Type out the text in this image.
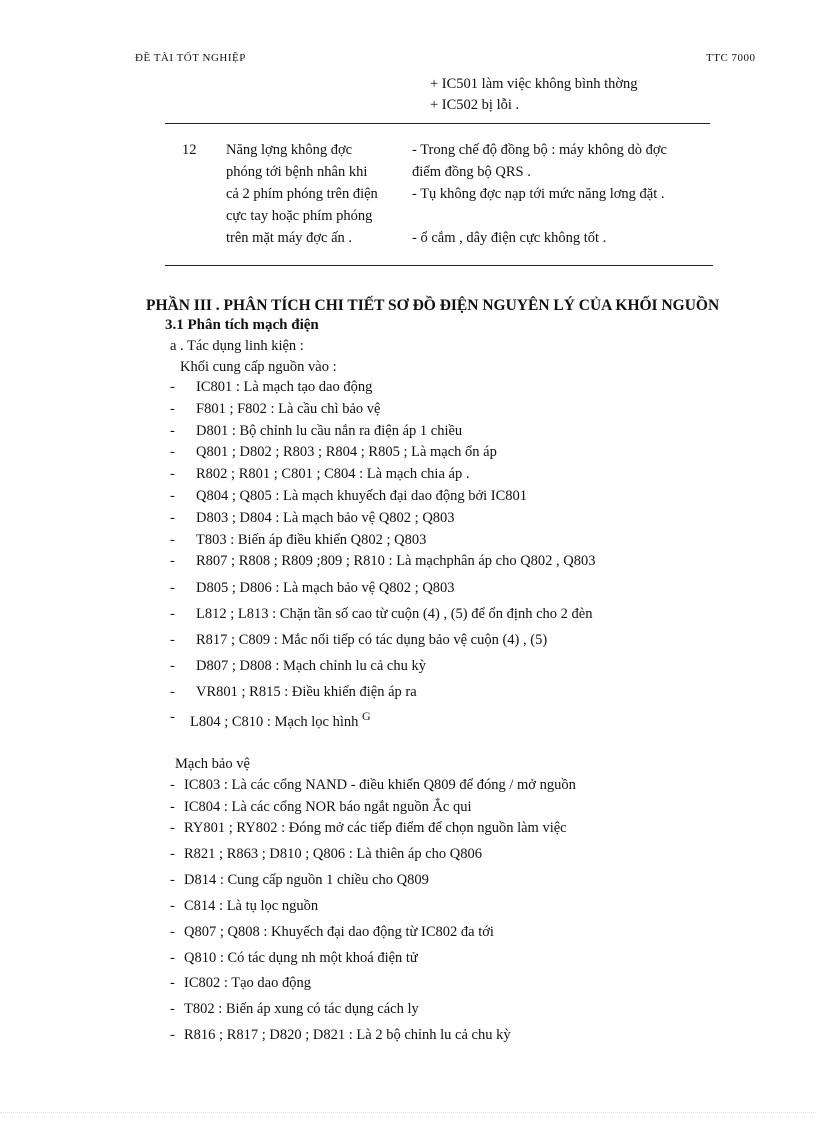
ĐỀ TÀI TỐT NGHIỆP	TTC 7000
+ IC501 làm việc không bình thờng
+ IC502 bị lỗi .
12 Năng lợng không đợc
phóng tới bệnh nhân khi
cả 2 phím phóng trên điện
cực tay hoặc phím phóng
trên mặt máy đợc ấn .
- Trong chế độ đồng bộ : máy không dò đợc
điểm đồng bộ QRS .
- Tụ không đợc nạp tới mức năng lơng đặt .
- ổ cắm , dây điện cực không tốt .
PHẦN III . PHÂN TÍCH CHI TIẾT SƠ ĐỒ ĐIỆN NGUYÊN LÝ CỦA KHỐI NGUỒN
3.1 Phân tích mạch điện
a . Tác dụng linh kiện :
Khối cung cấp nguồn vào :
- IC801 : Là mạch tạo dao động
- F801 ; F802 : Là cầu chì bảo vệ
- D801 : Bộ chỉnh lu cầu nắn ra điện áp 1 chiều
- Q801 ; D802 ; R803 ; R804 ; R805 ; Là mạch ổn áp
- R802 ; R801 ; C801 ; C804 : Là mạch chia áp .
- Q804 ; Q805 : Là mạch khuyếch đại dao động bởi IC801
- D803 ; D804 : Là mạch bảo vệ Q802 ; Q803
- T803 : Biến áp điều khiển Q802 ; Q803
- R807 ; R808 ; R809 ;809 ; R810 : Là mạchphân áp cho Q802 , Q803
- D805 ; D806 : Là mạch bảo vệ Q802 ; Q803
- L812 ; L813 : Chặn tần số cao từ cuộn (4) , (5) để ổn định cho 2 đèn
- R817 ; C809 : Mắc nối tiếp có tác dụng bảo vệ cuộn (4) , (5)
- D807 ; D808 : Mạch chỉnh lu cả chu kỳ
- VR801 ; R815 : Điều khiển điện áp ra
- L804 ; C810 : Mạch lọc hình $^G$
Mạch bảo vệ
- IC803 : Là các cổng NAND - điều khiển Q809 để đóng / mở nguồn
- IC804 : Là các cổng NOR báo ngắt nguồn Ắc qui
- RY801 ; RY802 : Đóng mở các tiếp điểm để chọn nguồn làm việc
- R821 ; R863 ; D810 ; Q806 : Là thiên áp cho Q806
- D814 : Cung cấp nguồn 1 chiều cho Q809
- C814 : Là tụ lọc nguồn
- Q807 ; Q808 : Khuyếch đại dao động từ IC802 đa tới
- Q810 : Có tác dụng nh một khoá điện tử
- IC802 : Tạo dao động
- T802 : Biến áp xung có tác dụng cách ly
- R816 ; R817 ; D820 ; D821 : Là 2 bộ chỉnh lu cả chu kỳ
